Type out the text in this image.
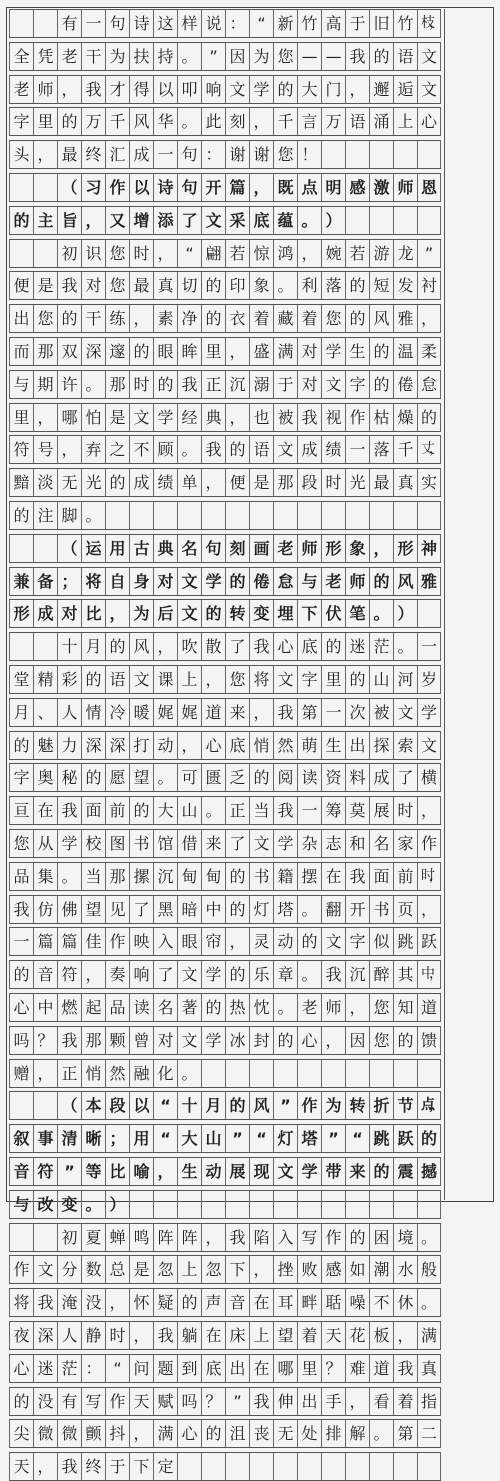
有 一 句 诗 这 样 说 ： “ 新 竹 高 于 旧 竹 枝，
全 凭 老 干 为 扶 持 。 ” 因 为 您 — — 我 的 语 文
老 师 ， 我 才 得 以 叩 响 文 学 的 大 门 ， 邂 逅 文
字 里 的 万 千 风 华 。 此 刻 ， 千 言 万 语 涌 上 心
头 ， 最 终 汇 成 一 句 ： 谢 谢 您 ！
（ 习 作 以 诗 句 开 篇 ， 既 点 明 感 激 师 恩
的 主 旨 ， 又 增 添 了 文 采 底 蕴 。 ）
初 识 您 时 ， “ 翩 若 惊 鸿 ， 婉 若 游 龙 ”
便 是 我 对 您 最 真 切 的 印 象 。 利 落 的 短 发 衬
出 您 的 干 练 ， 素 净 的 衣 着 藏 着 您 的 风 雅 ，
而 那 双 深 邃 的 眼 眸 里 ， 盛 满 对 学 生 的 温 柔
与 期 许 。 那 时 的 我 正 沉 溺 于 对 文 字 的 倦 怠
里 ， 哪 怕 是 文 学 经 典 ， 也 被 我 视 作 枯 燥 的
符 号 ， 弃 之 不 顾 。 我 的 语 文 成 绩 一 落 千 丈，
黯 淡 无 光 的 成 绩 单 ， 便 是 那 段 时 光 最 真 实
的 注 脚 。
（ 运 用 古 典 名 句 刻 画 老 师 形 象 ， 形 神
兼 备 ； 将 自 身 对 文 学 的 倦 怠 与 老 师 的 风 雅
形 成 对 比 ， 为 后 文 的 转 变 埋 下 伏 笔 。 ）
十 月 的 风 ， 吹 散 了 我 心 底 的 迷 茫 。 一
堂 精 彩 的 语 文 课 上 ， 您 将 文 字 里 的 山 河 岁
月 、 人 情 冷 暖 娓 娓 道 来 ， 我 第 一 次 被 文 学
的 魅 力 深 深 打 动 ， 心 底 悄 然 萌 生 出 探 索 文
字 奥 秘 的 愿 望 。 可 匮 乏 的 阅 读 资 料 成 了 横
亘 在 我 面 前 的 大 山 。 正 当 我 一 筹 莫 展 时 ，
您 从 学 校 图 书 馆 借 来 了 文 学 杂 志 和 名 家 作
品 集 。 当 那 摞 沉 甸 甸 的 书 籍 摆 在 我 面 前 时，
我 仿 佛 望 见 了 黑 暗 中 的 灯 塔 。 翻 开 书 页 ，
一 篇 篇 佳 作 映 入 眼 帘 ， 灵 动 的 文 字 似 跳 跃
的 音 符 ， 奏 响 了 文 学 的 乐 章 。 我 沉 醉 其 中，
心 中 燃 起 品 读 名 著 的 热 忱 。 老 师 ， 您 知 道
吗 ？ 我 那 颗 曾 对 文 学 冰 封 的 心 ， 因 您 的 馈
赠 ， 正 悄 然 融 化 。
（ 本 段 以 “ 十 月 的 风 ” 作 为 转 折 节 点，
叙 事 清 晰 ； 用 “ 大 山 ” “ 灯 塔 ” “ 跳 跃 的
音 符 ” 等 比 喻 ， 生 动 展 现 文 学 带 来 的 震 撼
与 改 变 。 ）
初 夏 蝉 鸣 阵 阵 ， 我 陷 入 写 作 的 困 境 。
作 文 分 数 总 是 忽 上 忽 下 ， 挫 败 感 如 潮 水 般
将 我 淹 没 ， 怀 疑 的 声 音 在 耳 畔 聒 噪 不 休 。
夜 深 人 静 时 ， 我 躺 在 床 上 望 着 天 花 板 ， 满
心 迷 茫 ： “ 问 题 到 底 出 在 哪 里 ？ 难 道 我 真
的 没 有 写 作 天 赋 吗 ？ ” 我 伸 出 手 ， 看 着 指
尖 微 微 颤 抖 ， 满 心 的 沮 丧 无 处 排 解 。 第 二
天 ， 我 终 于 下 定
